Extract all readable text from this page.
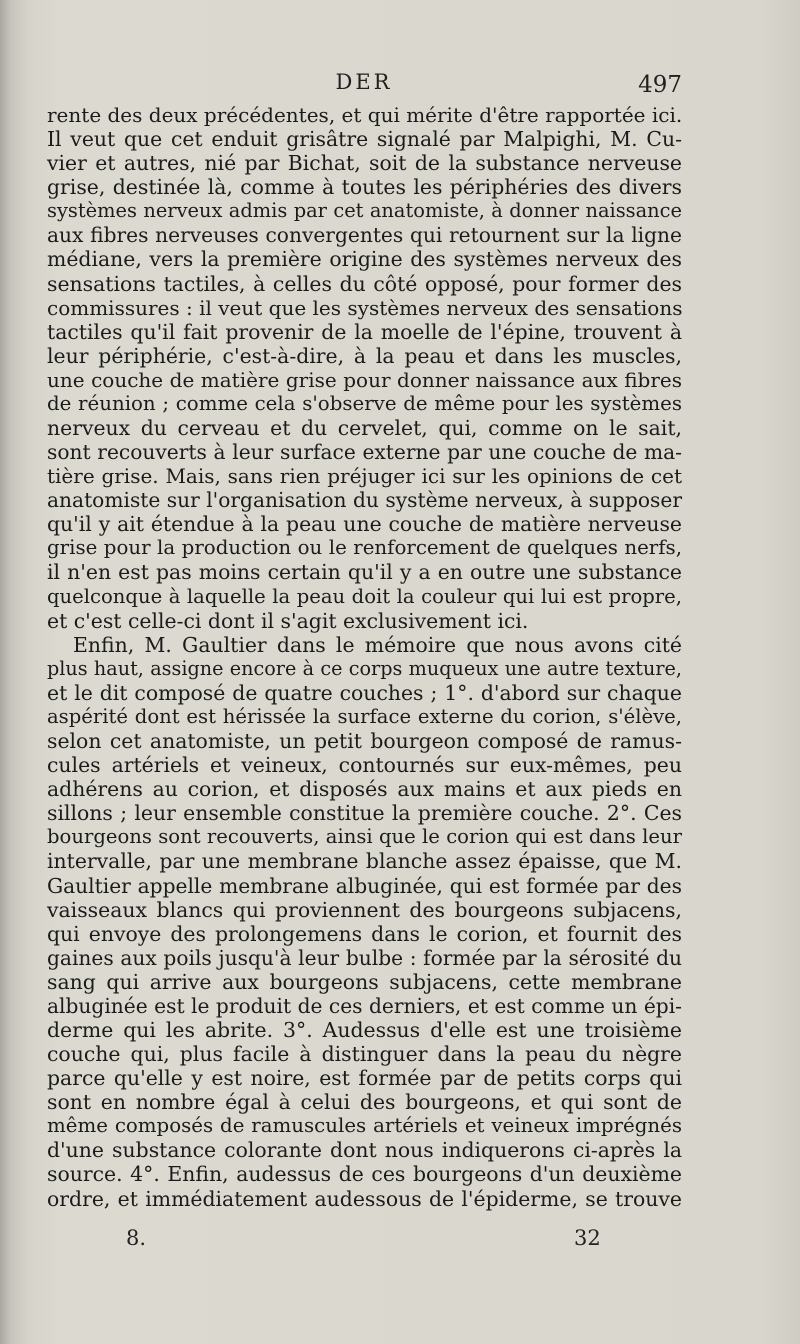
DER	497
rente des deux précédentes, et qui mérite d'être rapportée ici.
Il veut que cet enduit grisâtre signalé par Malpighi, M. Cu-
vier et autres, nié par Bichat, soit de la substance nerveuse
grise, destinée là, comme à toutes les périphéries des divers
systèmes nerveux admis par cet anatomiste, à donner naissance
aux fibres nerveuses convergentes qui retournent sur la ligne
médiane, vers la première origine des systèmes nerveux des
sensations tactiles, à celles du côté opposé, pour former des
commissures : il veut que les systèmes nerveux des sensations
tactiles qu'il fait provenir de la moelle de l'épine, trouvent à
leur périphérie, c'est-à-dire, à la peau et dans les muscles,
une couche de matière grise pour donner naissance aux fibres
de réunion ; comme cela s'observe de même pour les systèmes
nerveux du cerveau et du cervelet, qui, comme on le sait,
sont recouverts à leur surface externe par une couche de ma-
tière grise. Mais, sans rien préjuger ici sur les opinions de cet
anatomiste sur l'organisation du système nerveux, à supposer
qu'il y ait étendue à la peau une couche de matière nerveuse
grise pour la production ou le renforcement de quelques nerfs,
il n'en est pas moins certain qu'il y a en outre une substance
quelconque à laquelle la peau doit la couleur qui lui est propre,
et c'est celle-ci dont il s'agit exclusivement ici.
Enfin, M. Gaultier dans le mémoire que nous avons cité
plus haut, assigne encore à ce corps muqueux une autre texture,
et le dit composé de quatre couches ; 1°. d'abord sur chaque
aspérité dont est hérissée la surface externe du corion, s'élève,
selon cet anatomiste, un petit bourgeon composé de ramus-
cules artériels et veineux, contournés sur eux-mêmes, peu
adhérens au corion, et disposés aux mains et aux pieds en
sillons ; leur ensemble constitue la première couche. 2°. Ces
bourgeons sont recouverts, ainsi que le corion qui est dans leur
intervalle, par une membrane blanche assez épaisse, que M.
Gaultier appelle membrane albuginée, qui est formée par des
vaisseaux blancs qui proviennent des bourgeons subjacens,
qui envoye des prolongemens dans le corion, et fournit des
gaines aux poils jusqu'à leur bulbe : formée par la sérosité du
sang qui arrive aux bourgeons subjacens, cette membrane
albuginée est le produit de ces derniers, et est comme un épi-
derme qui les abrite. 3°. Audessus d'elle est une troisième
couche qui, plus facile à distinguer dans la peau du nègre
parce qu'elle y est noire, est formée par de petits corps qui
sont en nombre égal à celui des bourgeons, et qui sont de
même composés de ramuscules artériels et veineux imprégnés
d'une substance colorante dont nous indiquerons ci-après la
source. 4°. Enfin, audessus de ces bourgeons d'un deuxième
ordre, et immédiatement audessous de l'épiderme, se trouve
8.	32
